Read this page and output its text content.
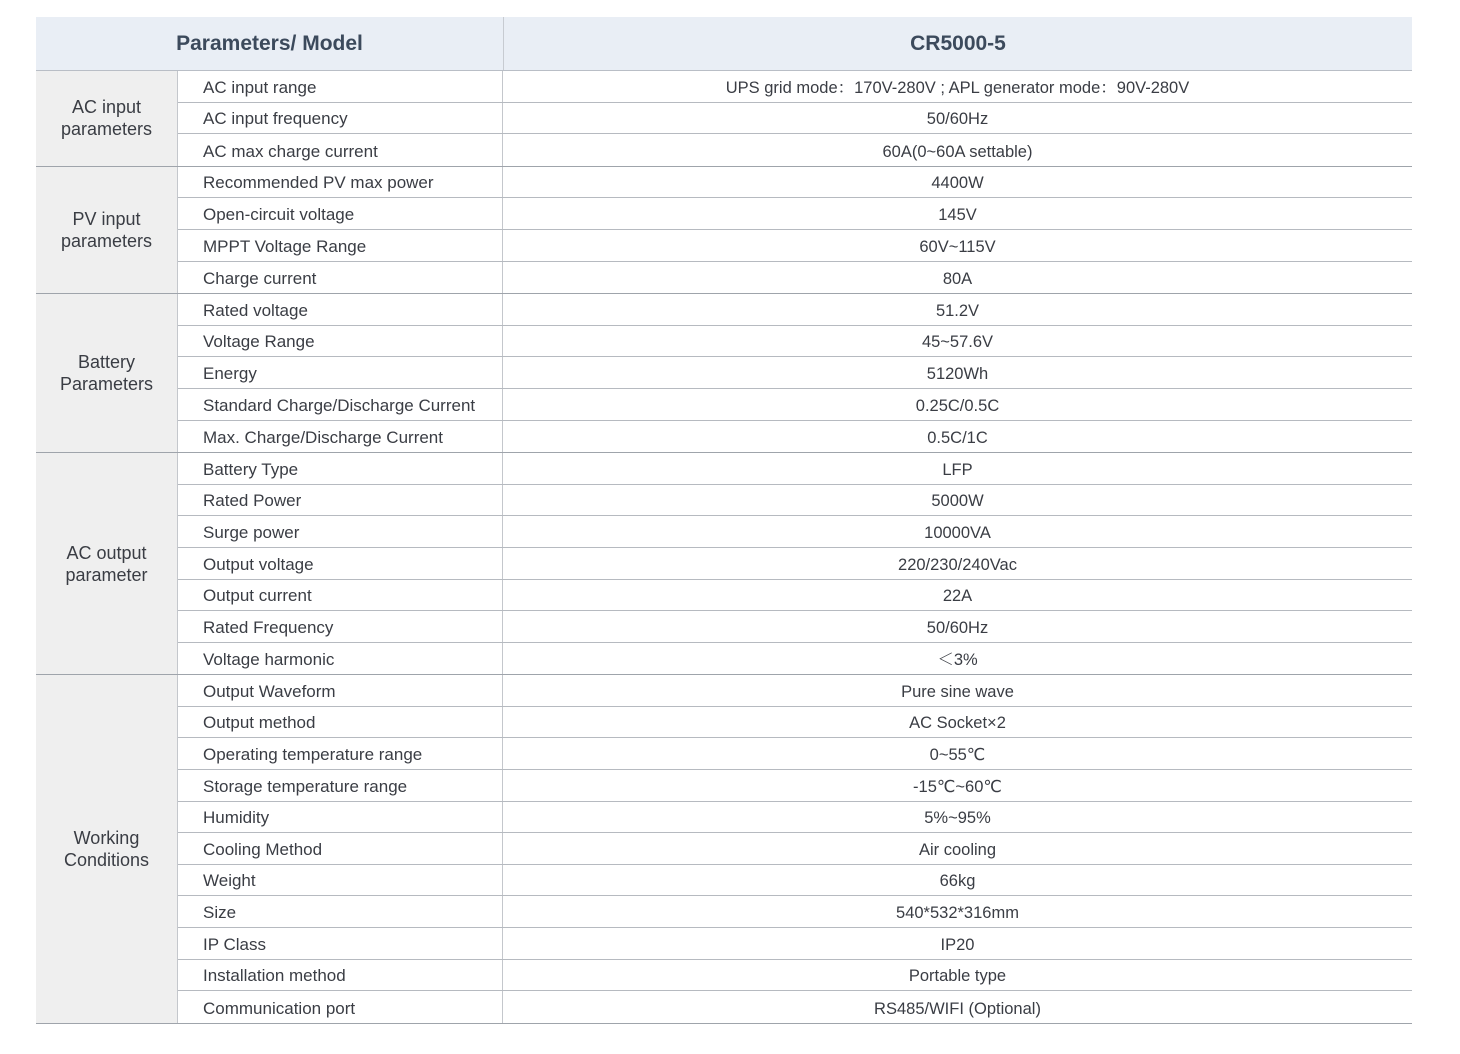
Parameters/ Model	CR5000-5
AC input
parameters
AC input range	UPS grid mode：170V-280V ; APL generator mode：90V-280V
AC input frequency	50/60Hz
AC max charge current	60A(0~60A settable)
PV input
parameters
Recommended PV max power	4400W
Open-circuit voltage	145V
MPPT Voltage Range	60V~115V
Charge current	80A
Battery
Parameters
Rated voltage	51.2V
Voltage Range	45~57.6V
Energy	5120Wh
Standard Charge/Discharge Current	0.25C/0.5C
Max. Charge/Discharge Current	0.5C/1C
AC output
parameter
Battery Type	LFP
Rated Power	5000W
Surge power	10000VA
Output voltage	220/230/240Vac
Output current	22A
Rated Frequency	50/60Hz
Voltage harmonic	＜3%
Working
Conditions
Output Waveform	Pure sine wave
Output method	AC Socket×2
Operating temperature range	0~55℃
Storage temperature range	-15℃~60℃
Humidity	5%~95%
Cooling Method	Air cooling
Weight	66kg
Size	540*532*316mm
IP Class	IP20
Installation method	Portable type
Communication port	RS485/WIFI (Optional)
